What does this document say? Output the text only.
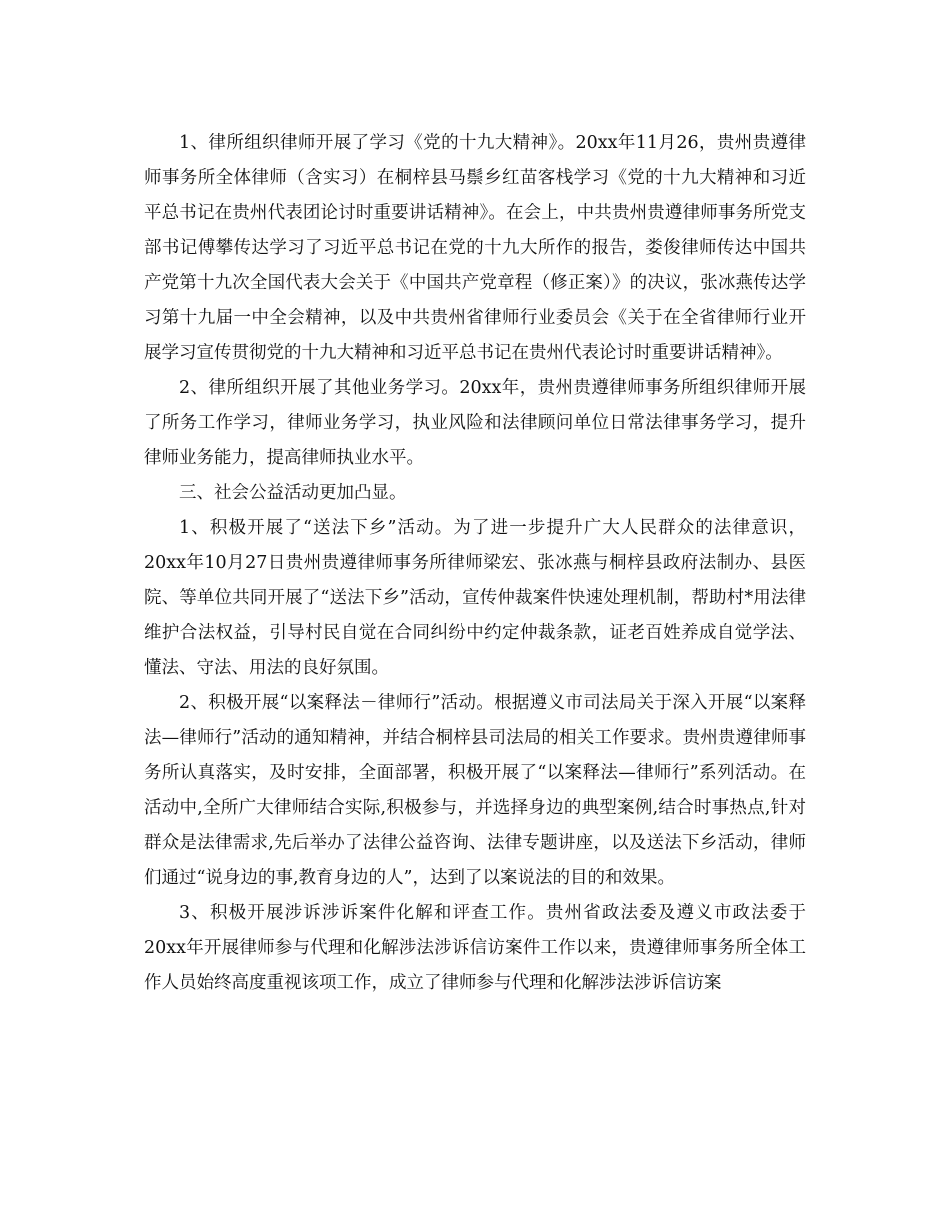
1、律所组织律师开展了学习《党的十九大精神》。20xx年11月26，贵州贵遵律师事务所全体律师（含实习）在桐梓县马鬃乡红苗客栈学习《党的十九大精神和习近平总书记在贵州代表团论讨时重要讲话精神》。在会上，中共贵州贵遵律师事务所党支部书记傅攀传达学习了习近平总书记在党的十九大所作的报告，娄俊律师传达中国共产党第十九次全国代表大会关于《中国共产党章程（修正案）》的决议，张冰燕传达学习第十九届一中全会精神，以及中共贵州省律师行业委员会《关于在全省律师行业开展学习宣传贯彻党的十九大精神和习近平总书记在贵州代表论讨时重要讲话精神》。

2、律所组织开展了其他业务学习。20xx年，贵州贵遵律师事务所组织律师开展了所务工作学习，律师业务学习，执业风险和法律顾问单位日常法律事务学习，提升律师业务能力，提高律师执业水平。

三、社会公益活动更加凸显。

1、积极开展了“送法下乡”活动。为了进一步提升广大人民群众的法律意识，20xx年10月27日贵州贵遵律师事务所律师梁宏、张冰燕与桐梓县政府法制办、县医院、等单位共同开展了“送法下乡”活动，宣传仲裁案件快速处理机制，帮助村*用法律维护合法权益，引导村民自觉在合同纠纷中约定仲裁条款，证老百姓养成自觉学法、懂法、守法、用法的良好氛围。

2、积极开展“以案释法－律师行”活动。根据遵义市司法局关于深入开展“以案释法—律师行”活动的通知精神，并结合桐梓县司法局的相关工作要求。贵州贵遵律师事务所认真落实，及时安排，全面部署，积极开展了“以案释法—律师行”系列活动。在活动中,全所广大律师结合实际,积极参与，并选择身边的典型案例,结合时事热点,针对群众是法律需求,先后举办了法律公益咨询、法律专题讲座，以及送法下乡活动，律师们通过“说身边的事,教育身边的人”，达到了以案说法的目的和效果。

3、积极开展涉诉涉诉案件化解和评查工作。贵州省政法委及遵义市政法委于20xx年开展律师参与代理和化解涉法涉诉信访案件工作以来，贵遵律师事务所全体工作人员始终高度重视该项工作，成立了律师参与代理和化解涉法涉诉信访案
